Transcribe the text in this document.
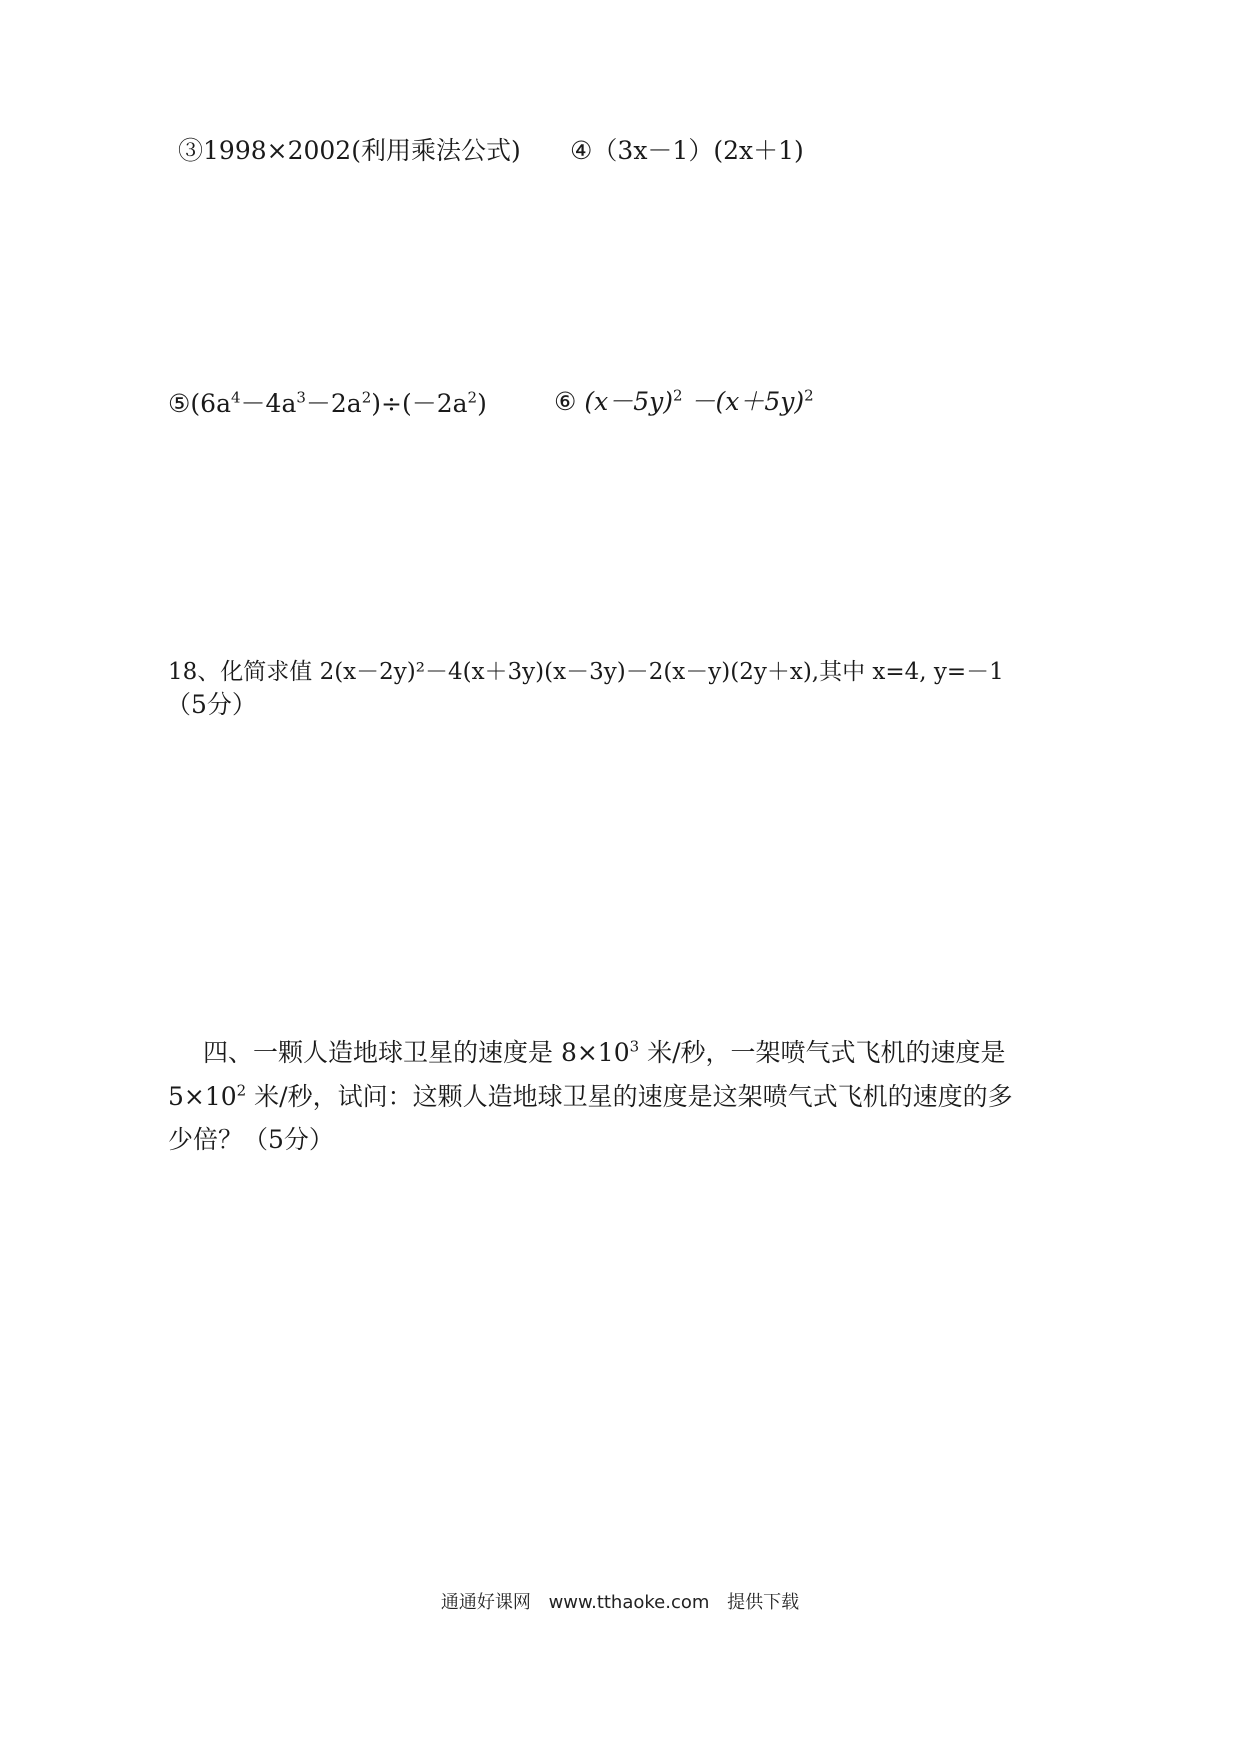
③1998×2002(利用乘法公式) ④（3x－1）(2x＋1)
$⑤(6a^4-4a^3-2a^2)\div(-2a^2)$	⑥ $(x-5y)^2 -(x+5y)^2$
18、化简求值 2(x－2y)²－4(x＋3y)(x－3y)－2(x－y)(2y＋x),其中 x=4, y=－1
（5分）
四、一颗人造地球卫星的速度是 $8\times 10^3$ 米/秒，一架喷气式飞机的速度是
$5\times 10^2$ 米/秒，试问：这颗人造地球卫星的速度是这架喷气式飞机的速度的多
少倍？（5分）
通通好课网 www.tthaoke.com 提供下载
